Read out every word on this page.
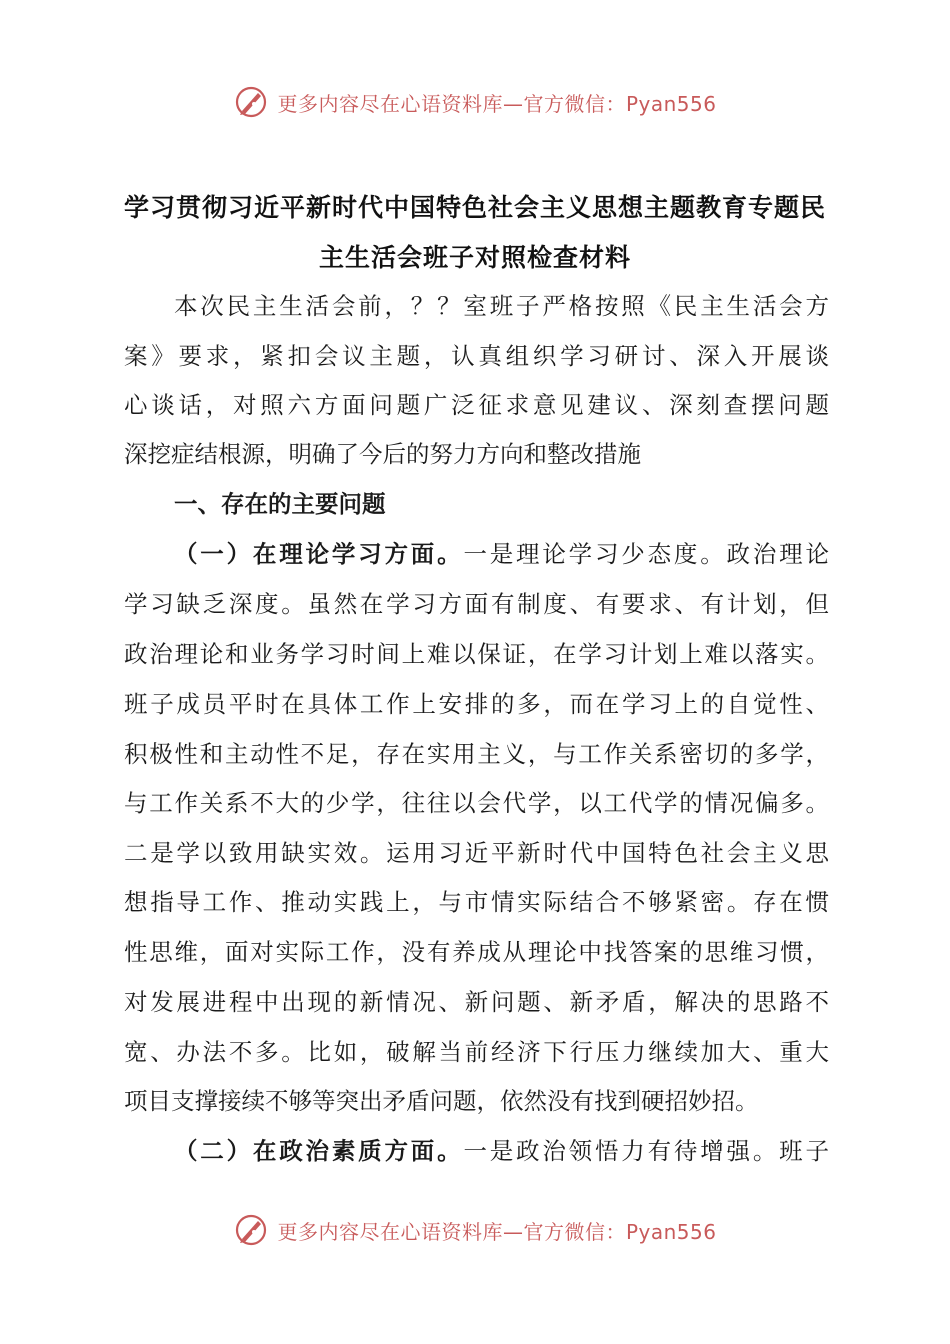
更多内容尽在心语资料库—官方微信：Pyan556
学习贯彻习近平新时代中国特色社会主义思想主题教育专题民
主生活会班子对照检查材料
本次民主生活会前，？？室班子严格按照《民主生活会方
案》要求，紧扣会议主题，认真组织学习研讨、深入开展谈
心谈话，对照六方面问题广泛征求意见建议、深刻查摆问题
深挖症结根源，明确了今后的努力方向和整改措施
一、存在的主要问题
（一）在理论学习方面。一是理论学习少态度。政治理论
学习缺乏深度。虽然在学习方面有制度、有要求、有计划，但
政治理论和业务学习时间上难以保证，在学习计划上难以落实。
班子成员平时在具体工作上安排的多，而在学习上的自觉性、
积极性和主动性不足，存在实用主义，与工作关系密切的多学，
与工作关系不大的少学，往往以会代学，以工代学的情况偏多。
二是学以致用缺实效。运用习近平新时代中国特色社会主义思
想指导工作、推动实践上，与市情实际结合不够紧密。存在惯
性思维，面对实际工作，没有养成从理论中找答案的思维习惯，
对发展进程中出现的新情况、新问题、新矛盾，解决的思路不
宽、办法不多。比如，破解当前经济下行压力继续加大、重大
项目支撑接续不够等突出矛盾问题，依然没有找到硬招妙招。
（二）在政治素质方面。一是政治领悟力有待增强。班子
更多内容尽在心语资料库—官方微信：Pyan556
